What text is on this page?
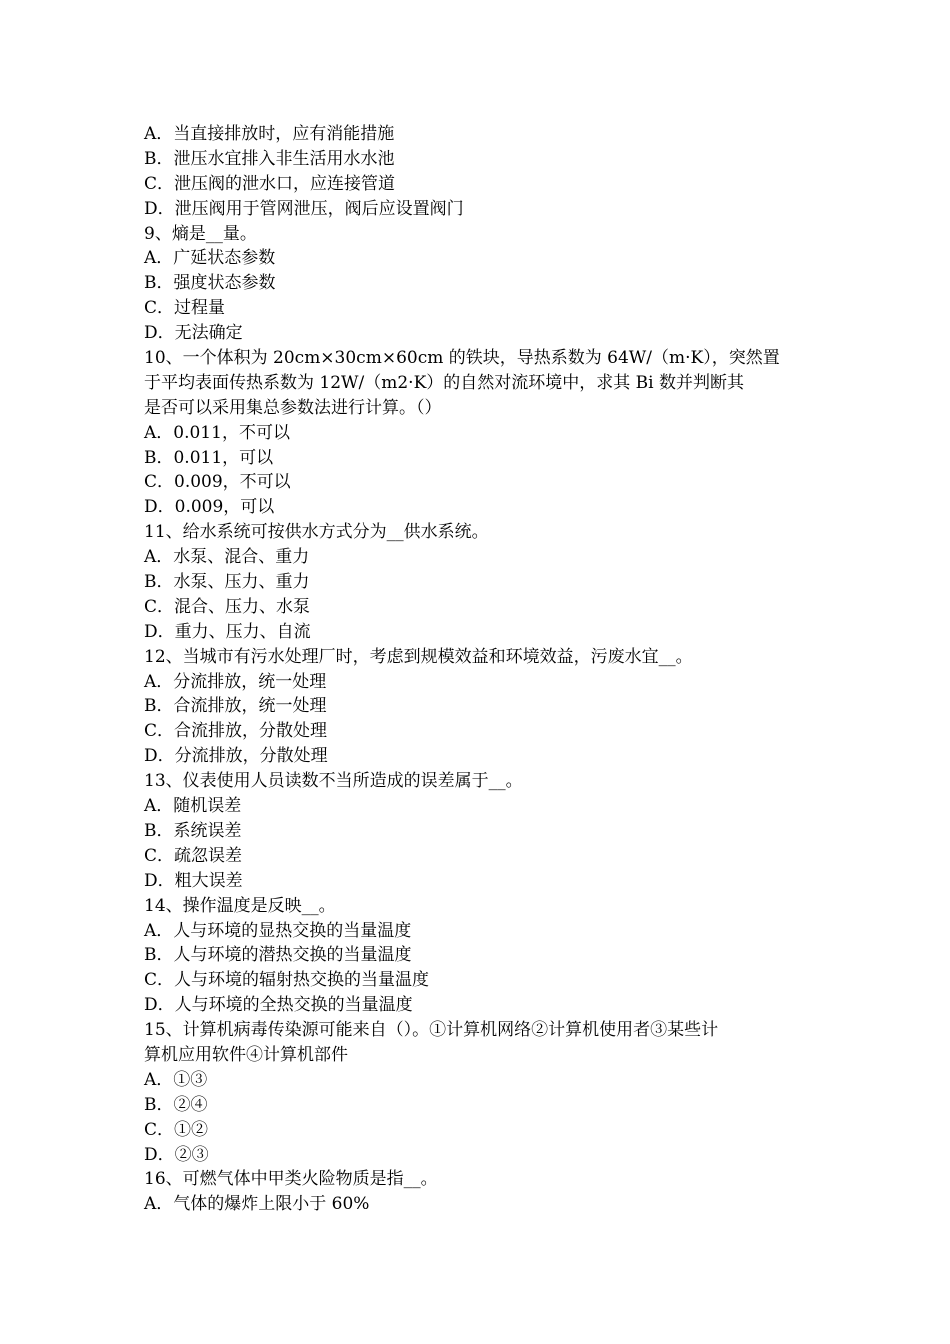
A．当直接排放时，应有消能措施

B．泄压水宜排入非生活用水水池

C．泄压阀的泄水口，应连接管道

D．泄压阀用于管网泄压，阀后应设置阀门

9、熵是__量。

A．广延状态参数

B．强度状态参数

C．过程量

D．无法确定

10、一个体积为 20cm×30cm×60cm 的铁块，导热系数为 64W/（m·K），突然置

于平均表面传热系数为 12W/（m2·K）的自然对流环境中，求其 Bi 数并判断其

是否可以采用集总参数法进行计算。（）

A．0.011，不可以

B．0.011，可以

C．0.009，不可以

D．0.009，可以

11、给水系统可按供水方式分为__供水系统。

A．水泵、混合、重力

B．水泵、压力、重力

C．混合、压力、水泵

D．重力、压力、自流

12、当城市有污水处理厂时，考虑到规模效益和环境效益，污废水宜__。

A．分流排放，统一处理

B．合流排放，统一处理

C．合流排放，分散处理

D．分流排放，分散处理

13、仪表使用人员读数不当所造成的误差属于__。

A．随机误差

B．系统误差

C．疏忽误差

D．粗大误差

14、操作温度是反映__。

A．人与环境的显热交换的当量温度

B．人与环境的潜热交换的当量温度

C．人与环境的辐射热交换的当量温度

D．人与环境的全热交换的当量温度

15、计算机病毒传染源可能来自（）。①计算机网络②计算机使用者③某些计

算机应用软件④计算机部件

A．①③

B．②④

C．①②

D．②③

16、可燃气体中甲类火险物质是指__。

A．气体的爆炸上限小于 60%
